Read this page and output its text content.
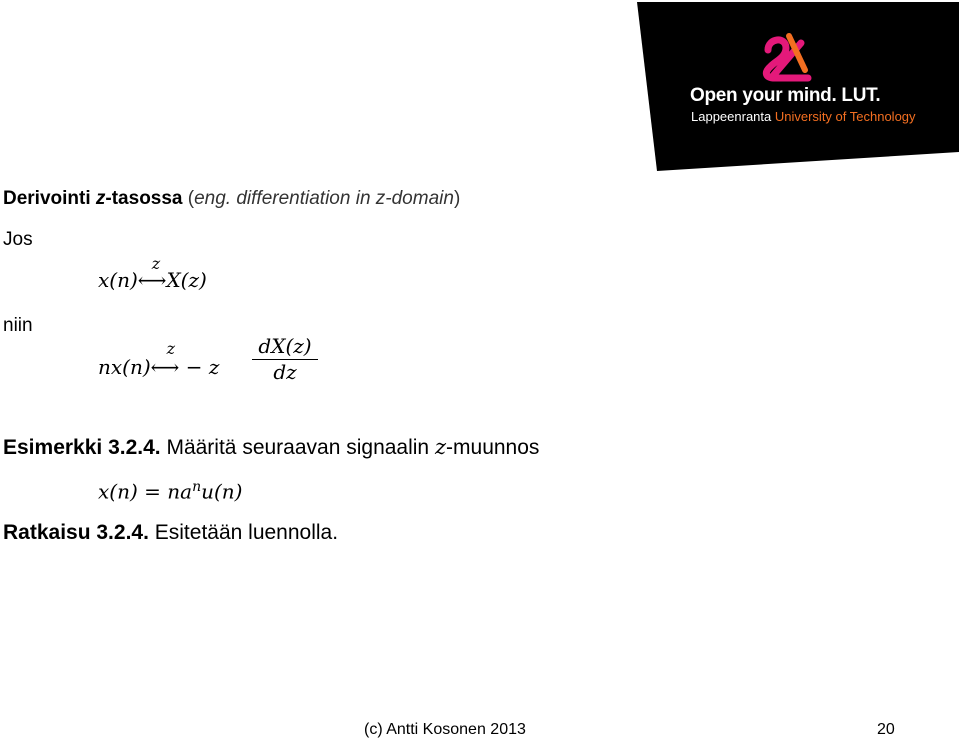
Open your mind. LUT.
Lappeenranta University of Technology
Derivointi z-tasossa (eng. differentiation in z-domain)
Jos
x(n)
z
⟷X(z)
niin
nx(n)
z
⟷ − z $\frac{dX(z)}{dz}$
Esimerkki 3.2.4. Määritä seuraavan signaalin z-muunnos
$x(n) = na^nu(n)$
Ratkaisu 3.2.4. Esitetään luennolla.
(c) Antti Kosonen 2013	20
